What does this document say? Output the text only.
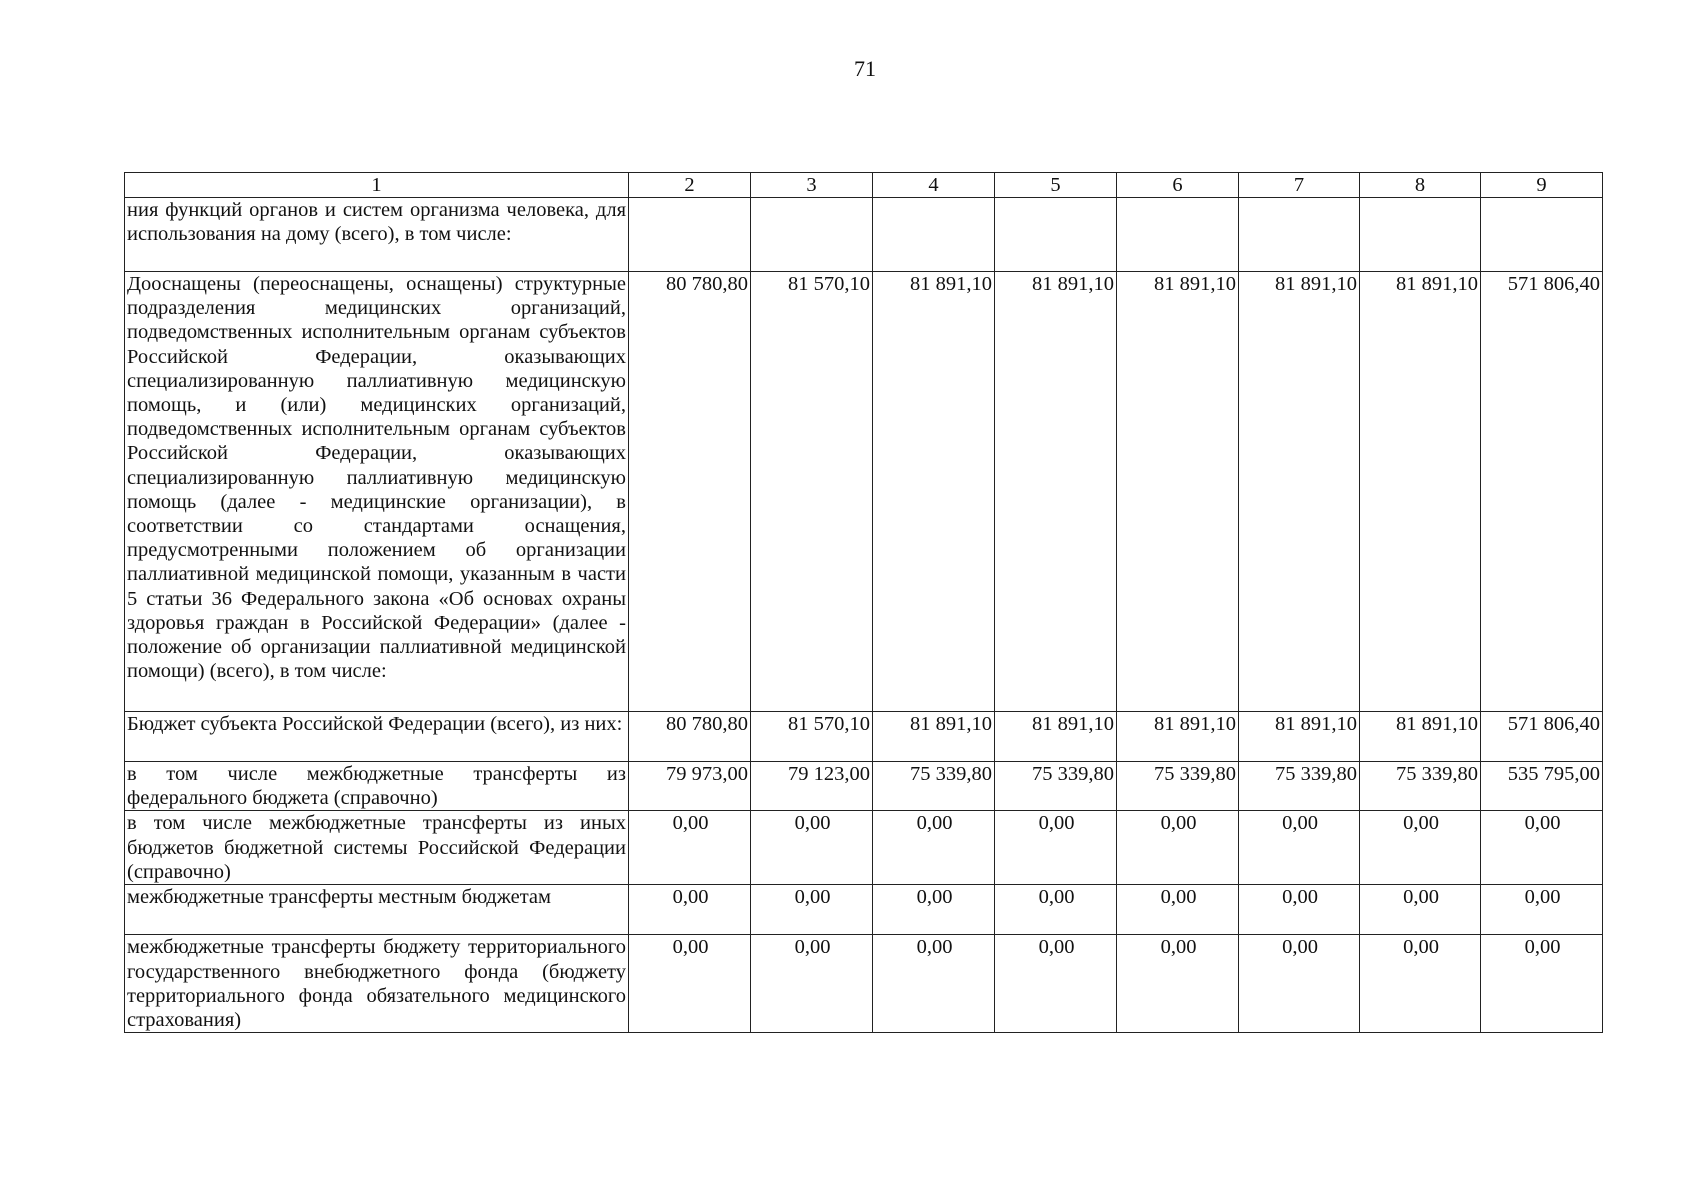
71
1	2	3	4	5	6	7	8	9
ния функций органов и систем организма человека, для использования на дому (всего), в том числе:								
Дооснащены (переоснащены, оснащены) структурные подразделения медицинских организаций, подведомственных исполнительным органам субъектов Российской Федерации, оказывающих специализированную паллиативную медицинскую помощь, и (или) медицинских организаций, подведомственных исполнительным органам субъектов Российской Федерации, оказывающих специализированную паллиативную медицинскую помощь (далее - медицинские организации), в соответствии со стандартами оснащения, предусмотренными положением об организации паллиативной медицинской помощи, указанным в части 5 статьи 36 Федерального закона «Об основах охраны здоровья граждан в Российской Федерации» (далее - положение об организации паллиативной медицинской помощи) (всего), в том числе:	80 780,80	81 570,10	81 891,10	81 891,10	81 891,10	81 891,10	81 891,10	571 806,40
Бюджет субъекта Российской Федерации (всего), из них:	80 780,80	81 570,10	81 891,10	81 891,10	81 891,10	81 891,10	81 891,10	571 806,40
в том числе межбюджетные трансферты из федерального бюджета (справочно)	79 973,00	79 123,00	75 339,80	75 339,80	75 339,80	75 339,80	75 339,80	535 795,00
в том числе межбюджетные трансферты из иных бюджетов бюджетной системы Российской Федерации (справочно)	0,00	0,00	0,00	0,00	0,00	0,00	0,00	0,00
межбюджетные трансферты местным бюджетам	0,00	0,00	0,00	0,00	0,00	0,00	0,00	0,00
межбюджетные трансферты бюджету территориального государственного внебюджетного фонда (бюджету территориального фонда обязательного медицинского страхования)	0,00	0,00	0,00	0,00	0,00	0,00	0,00	0,00
